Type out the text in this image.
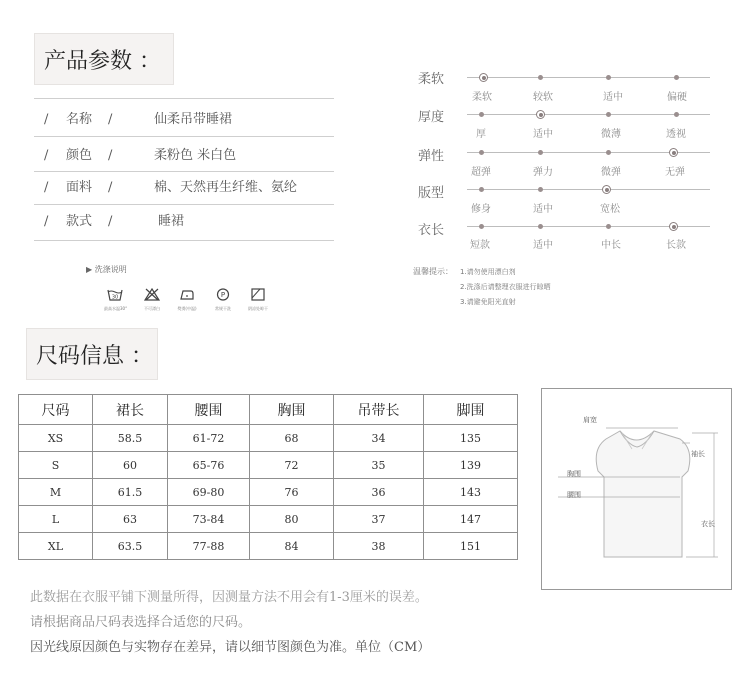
产品参数 ：
/ 名称 /	仙柔吊带睡裙
/ 颜色 /	柔粉色 米白色
/ 面料 /	棉、天然再生纤维、氨纶
/ 款式 /	睡裙
▶ 洗涤说明
30
最高水温30°	不可漂白	熨烫(中温)
P
常规干洗	阴凉处晾干
柔软
柔软	较软	适中	偏硬
厚度
厚	适中	微薄	透视
弹性
超弹	弹力	微弹	无弹
版型
修身	适中	宽松
衣长
短款	适中	中长	长款
温馨提示： 1.请勿使用漂白剂
2.洗涤后请整理衣服进行晾晒
3.请避免阳光直射
尺码信息 ：
尺码	裙长	腰围	胸围	吊带长	脚围
XS	58.5	61-72	68	34	135
S	60	65-76	72	35	139
M	61.5	69-80	76	36	143
L	63	73-84	80	37	147
XL	63.5	77-88	84	38	151
肩宽
袖长
胸围
腰围
衣长
此数据在衣服平铺下测量所得，因测量方法不用会有1-3厘米的误差。
请根据商品尺码表选择合适您的尺码。
因光线原因颜色与实物存在差异，请以细节图颜色为准。单位（CM）
